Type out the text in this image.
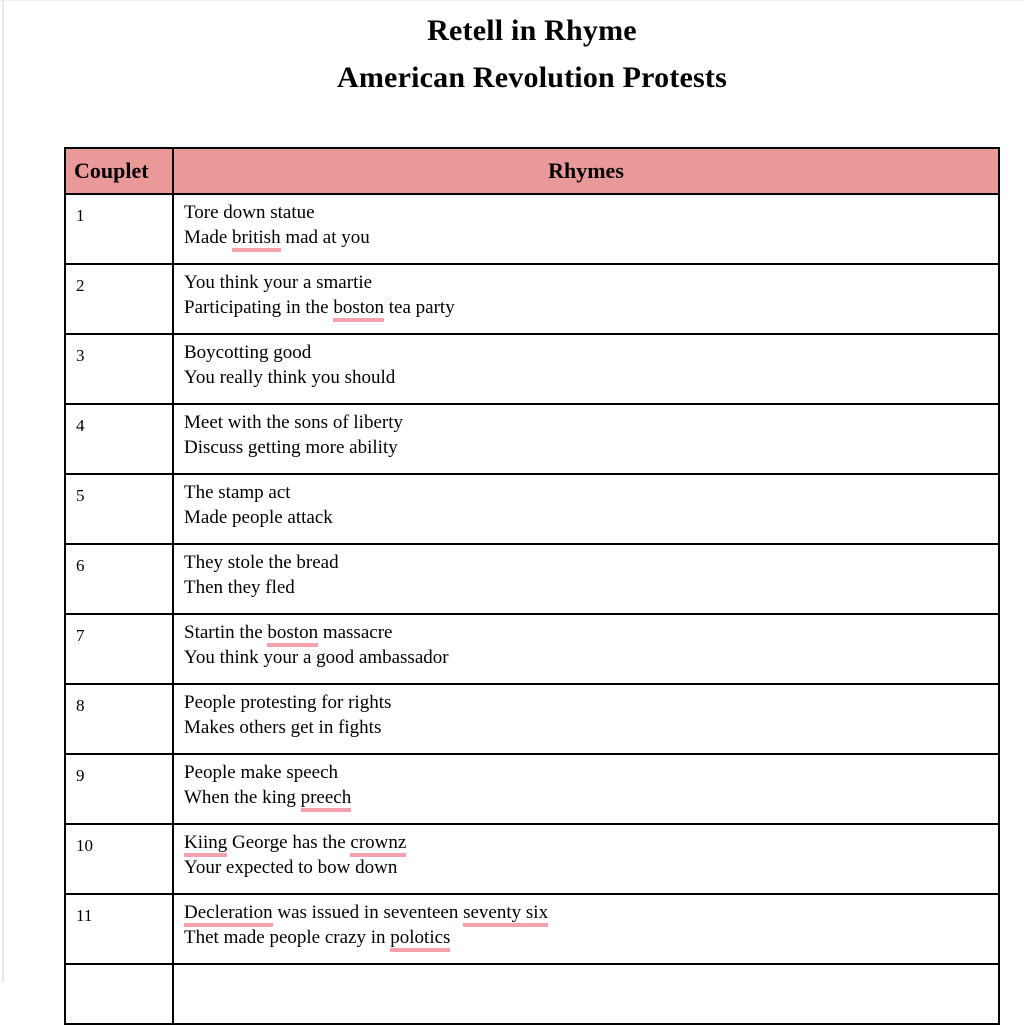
Retell in Rhyme
American Revolution Protests
Couplet	Rhymes
1	Tore down statue
Made british mad at you

2	You think your a smartie
Participating in the boston tea party

3	Boycotting good
You really think you should

4	Meet with the sons of liberty
Discuss getting more ability

5	The stamp act
Made people attack

6	They stole the bread
Then they fled

7	Startin the boston massacre
You think your a good ambassador

8	People protesting for rights
Makes others get in fights

9	People make speech
When the king preech

10	Kiing George has the crownz
Your expected to bow down

11	Decleration was issued in seventeen seventy six
Thet made people crazy in polotics
